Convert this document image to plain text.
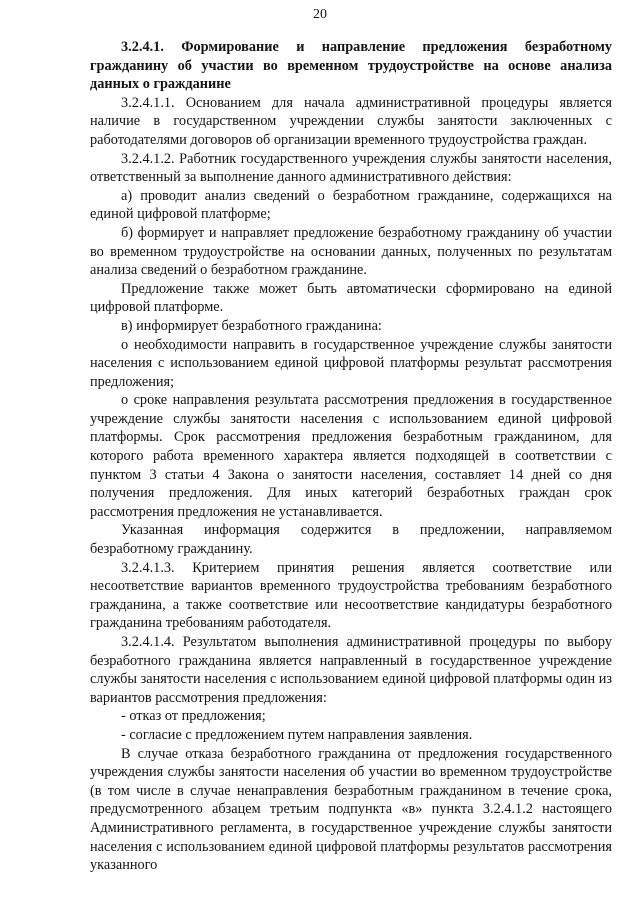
20

3.2.4.1. Формирование и направление предложения безработному гражданину об участии во временном трудоустройстве на основе анализа данных о гражданине

3.2.4.1.1. Основанием для начала административной процедуры является наличие в государственном учреждении службы занятости заключенных с работодателями договоров об организации временного трудоустройства граждан.

3.2.4.1.2. Работник государственного учреждения службы занятости населения, ответственный за выполнение данного административного действия:

а) проводит анализ сведений о безработном гражданине, содержащихся на единой цифровой платформе;

б) формирует и направляет предложение безработному гражданину об участии во временном трудоустройстве на основании данных, полученных по результатам анализа сведений о безработном гражданине.

Предложение также может быть автоматически сформировано на единой цифровой платформе.

в) информирует безработного гражданина:

о необходимости направить в государственное учреждение службы занятости населения с использованием единой цифровой платформы результат рассмотрения предложения;

о сроке направления результата рассмотрения предложения в государственное учреждение службы занятости населения с использованием единой цифровой платформы. Срок рассмотрения предложения безработным гражданином, для которого работа временного характера является подходящей в соответствии с пунктом 3 статьи 4 Закона о занятости населения, составляет 14 дней со дня получения предложения. Для иных категорий безработных граждан срок рассмотрения предложения не устанавливается.

Указанная информация содержится в предложении, направляемом безработному гражданину.

3.2.4.1.3. Критерием принятия решения является соответствие или несоответствие вариантов временного трудоустройства требованиям безработного гражданина, а также соответствие или несоответствие кандидатуры безработного гражданина требованиям работодателя.

3.2.4.1.4. Результатом выполнения административной процедуры по выбору безработного гражданина является направленный в государственное учреждение службы занятости населения с использованием единой цифровой платформы один из вариантов рассмотрения предложения:

- отказ от предложения;

- согласие с предложением путем направления заявления.

В случае отказа безработного гражданина от предложения государственного учреждения службы занятости населения об участии во временном трудоустройстве (в том числе в случае ненаправления безработным гражданином в течение срока, предусмотренного абзацем третьим подпункта «в» пункта 3.2.4.1.2 настоящего Административного регламента, в государственное учреждение службы занятости населения с использованием единой цифровой платформы результатов рассмотрения указанного
